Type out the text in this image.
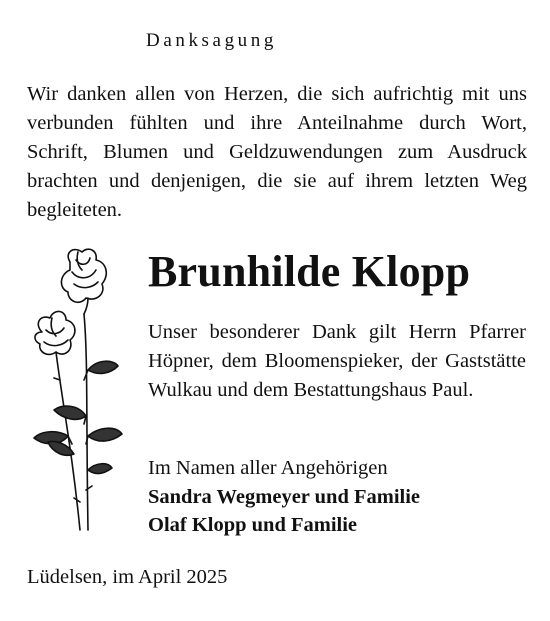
Danksagung

Wir danken allen von Herzen, die sich aufrichtig mit uns verbunden fühlten und ihre Anteilnahme durch Wort, Schrift, Blumen und Geldzuwendungen zum Ausdruck brachten und denjenigen, die sie auf ihrem letzten Weg begleiteten.

Brunhilde Klopp

Unser besonderer Dank gilt Herrn Pfarrer Höpner, dem Bloomenspieker, der Gaststätte Wulkau und dem Bestattungshaus Paul.

Im Namen aller Angehörigen
Sandra Wegmeyer und Familie
Olaf Klopp und Familie
Lüdelsen, im April 2025
